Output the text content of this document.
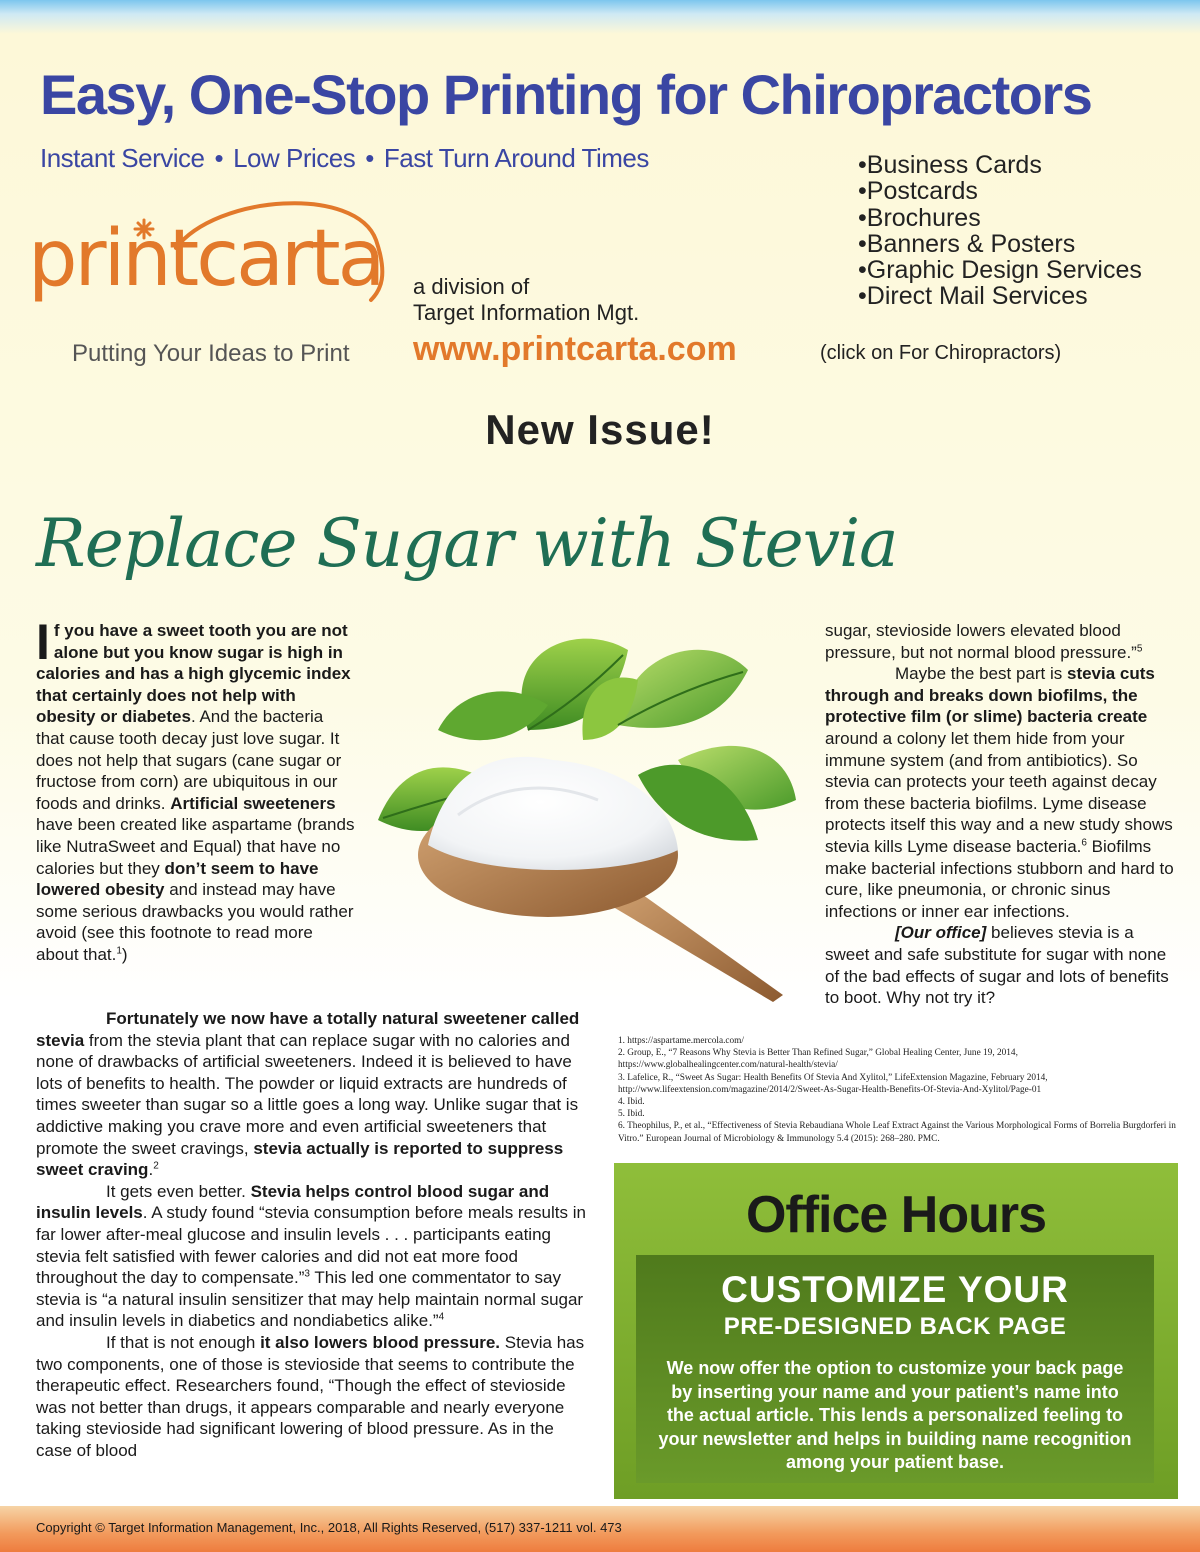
Easy, One-Stop Printing for Chiropractors
Instant Service • Low Prices • Fast Turn Around Times
•	Business Cards
• Postcards
• Brochures
• Banners & Posters
• Graphic Design Services
• Direct Mail Services
printcarta
Putting Your Ideas to Print
a division of
Target Information Mgt.
www.printcarta.com	(click on For Chiropractors)
New Issue!
Replace Sugar with Stevia

If you have a sweet tooth you are not alone but you know sugar is high in calories and has a high glycemic index that certainly does not help with obesity or diabetes. And the bacteria that cause tooth decay just love sugar. It does not help that sugars (cane sugar or fructose from corn) are ubiquitous in our foods and drinks. Artificial sweeteners have been created like aspartame (brands like NutraSweet and Equal) that have no calories but they don’t seem to have lowered obesity and instead may have some serious drawbacks you would rather avoid (see this footnote to read more about that.$^1$)

Fortunately we now have a totally natural sweetener called stevia from the stevia plant that can replace sugar with no calories and none of drawbacks of artificial sweeteners. Indeed it is believed to have lots of benefits to health. The powder or liquid extracts are hundreds of times sweeter than sugar so a little goes a long way. Unlike sugar that is addictive making you crave more and even artificial sweeteners that promote the sweet cravings, stevia actually is reported to suppress sweet craving.$^2$

It gets even better. Stevia helps control blood sugar and insulin levels. A study found “stevia consumption before meals results in far lower after-meal glucose and insulin levels . . . participants eating stevia felt satisfied with fewer calories and did not eat more food throughout the day to compensate.”$^3$ This led one commentator to say stevia is “a natural insulin sensitizer that may help maintain normal sugar and insulin levels in diabetics and nondiabetics alike.”$^4$

If that is not enough it also lowers blood pressure. Stevia has two components, one of those is stevioside that seems to contribute the therapeutic effect. Researchers found, “Though the effect of stevioside was not better than drugs, it appears comparable and nearly everyone taking stevioside had significant lowering of blood pressure. As in the case of blood

sugar, stevioside lowers elevated blood pressure, but not normal blood pressure.”$^5$

Maybe the best part is stevia cuts through and breaks down biofilms, the protective film (or slime) bacteria create around a colony let them hide from your immune system (and from antibiotics). So stevia can protects your teeth against decay from these bacteria biofilms. Lyme disease protects itself this way and a new study shows stevia kills Lyme disease bacteria.$^6$ Biofilms make bacterial infections stubborn and hard to cure, like pneumonia, or chronic sinus infections or inner ear infections.

[Our office] believes stevia is a sweet and safe substitute for sugar with none of the bad effects of sugar and lots of benefits to boot. Why not try it?

1. https://aspartame.mercola.com/
2. Group, E., “7 Reasons Why Stevia is Better Than Refined Sugar,” Global Healing Center, June 19, 2014, https://www.globalhealingcenter.com/natural-health/stevia/
3. Lafelice, R., “Sweet As Sugar: Health Benefits Of Stevia And Xylitol,” LifeExtension Magazine, February 2014, http://www.lifeextension.com/magazine/2014/2/Sweet-As-Sugar-Health-Benefits-Of-Stevia-And-Xylitol/Page-01
4. Ibid.
5. Ibid.
6. Theophilus, P., et al., “Effectiveness of Stevia Rebaudiana Whole Leaf Extract Against the Various Morphological Forms of Borrelia Burgdorferi in Vitro.” European Journal of Microbiology & Immunology 5.4 (2015): 268–280. PMC.
Office Hours
CUSTOMIZE YOUR
PRE-DESIGNED BACK PAGE
We now offer the option to customize your back page by inserting your name and your patient’s name into the actual article. This lends a personalized feeling to your newsletter and helps in building name recognition among your patient base.
Copyright © Target Information Management, Inc., 2018, All Rights Reserved, (517) 337-1211 vol. 473
